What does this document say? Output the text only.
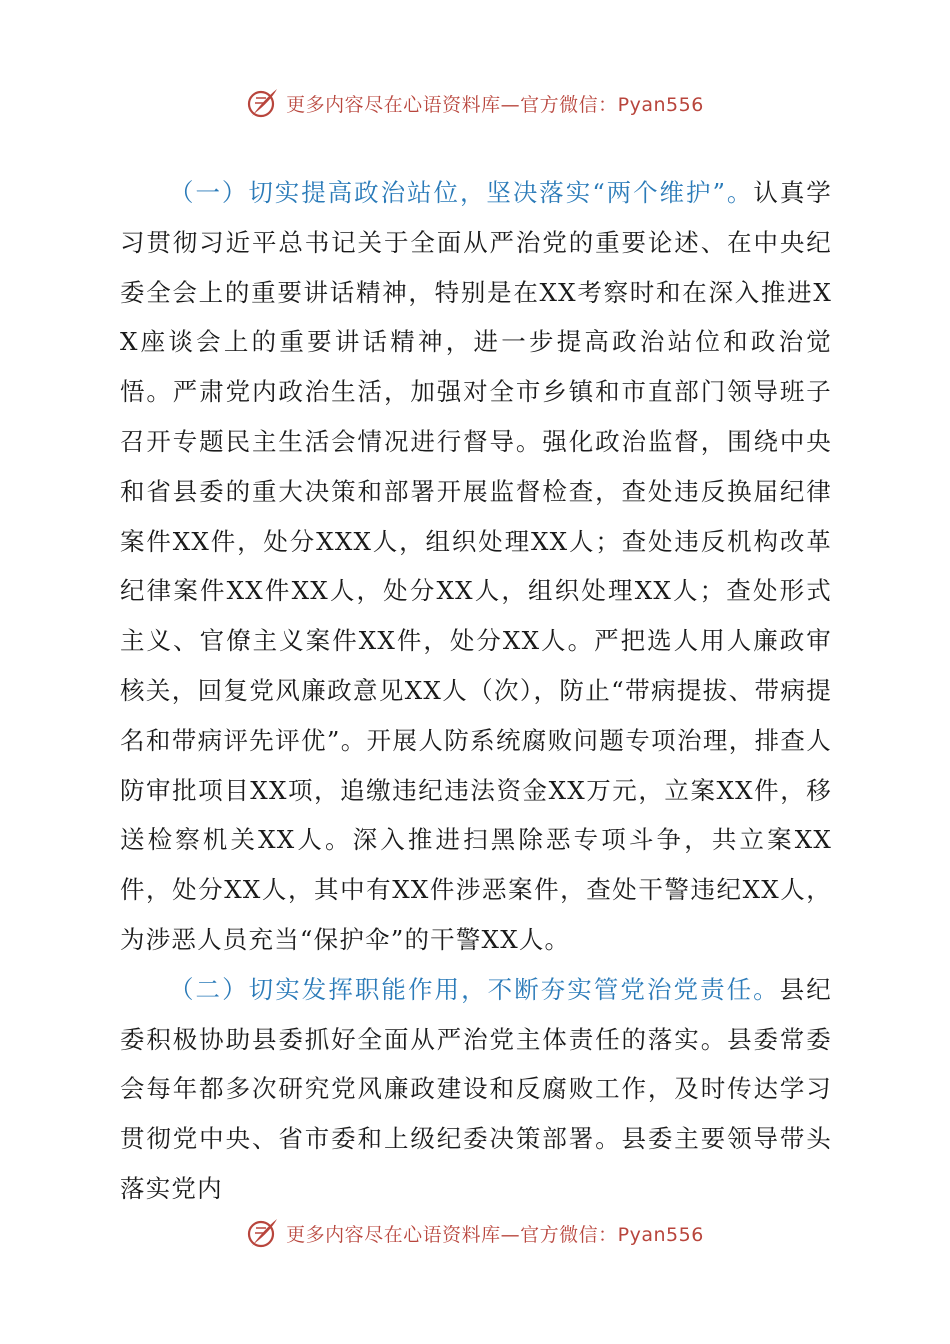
更多内容尽在心语资料库—官方微信：Pyan556

（一）切实提高政治站位，坚决落实“两个维护”。认真学习贯彻习近平总书记关于全面从严治党的重要论述、在中央纪委全会上的重要讲话精神，特别是在XX考察时和在深入推进XX座谈会上的重要讲话精神，进一步提高政治站位和政治觉悟。严肃党内政治生活，加强对全市乡镇和市直部门领导班子召开专题民主生活会情况进行督导。强化政治监督，围绕中央和省县委的重大决策和部署开展监督检查，查处违反换届纪律案件XX件，处分XXX人，组织处理XX人；查处违反机构改革纪律案件XX件XX人，处分XX人，组织处理XX人；查处形式主义、官僚主义案件XX件，处分XX人。严把选人用人廉政审核关，回复党风廉政意见XX人（次），防止“带病提拔、带病提名和带病评先评优”。开展人防系统腐败问题专项治理，排查人防审批项目XX项，追缴违纪违法资金XX万元，立案XX件，移送检察机关XX人。深入推进扫黑除恶专项斗争，共立案XX件，处分XX人，其中有XX件涉恶案件，查处干警违纪XX人，为涉恶人员充当“保护伞”的干警XX人。

（二）切实发挥职能作用，不断夯实管党治党责任。县纪委积极协助县委抓好全面从严治党主体责任的落实。县委常委会每年都多次研究党风廉政建设和反腐败工作，及时传达学习贯彻党中央、省市委和上级纪委决策部署。县委主要领导带头落实党内

更多内容尽在心语资料库—官方微信：Pyan556
